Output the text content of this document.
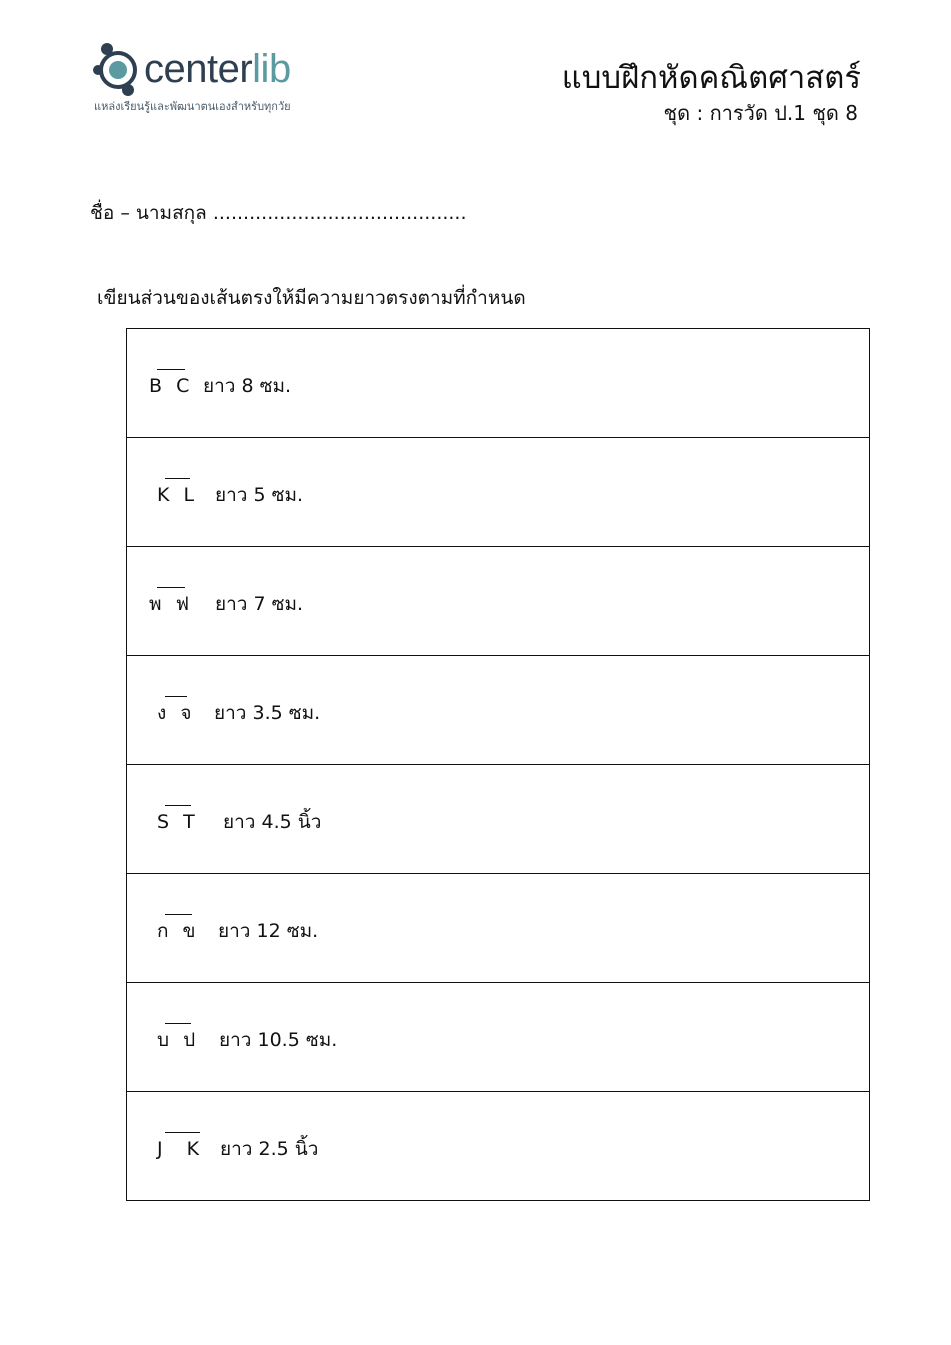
centerlib
แหล่งเรียนรู้และพัฒนาตนเองสำหรับทุกวัย
แบบฝึกหัดคณิตศาสตร์
ชุด : การวัด ป.1 ชุด 8
ชื่อ – นามสกุล ..........................................
เขียนส่วนของเส้นตรงให้มีความยาวตรงตามที่กำหนด
B C ยาว 8 ซม.
K L ยาว 5 ซม.
พ ฟ ยาว 7 ซม.
ง จ ยาว 3.5 ซม.
S T ยาว 4.5 นิ้ว
ก ข ยาว 12 ซม.
บ ป ยาว 10.5 ซม.
J K ยาว 2.5 นิ้ว
